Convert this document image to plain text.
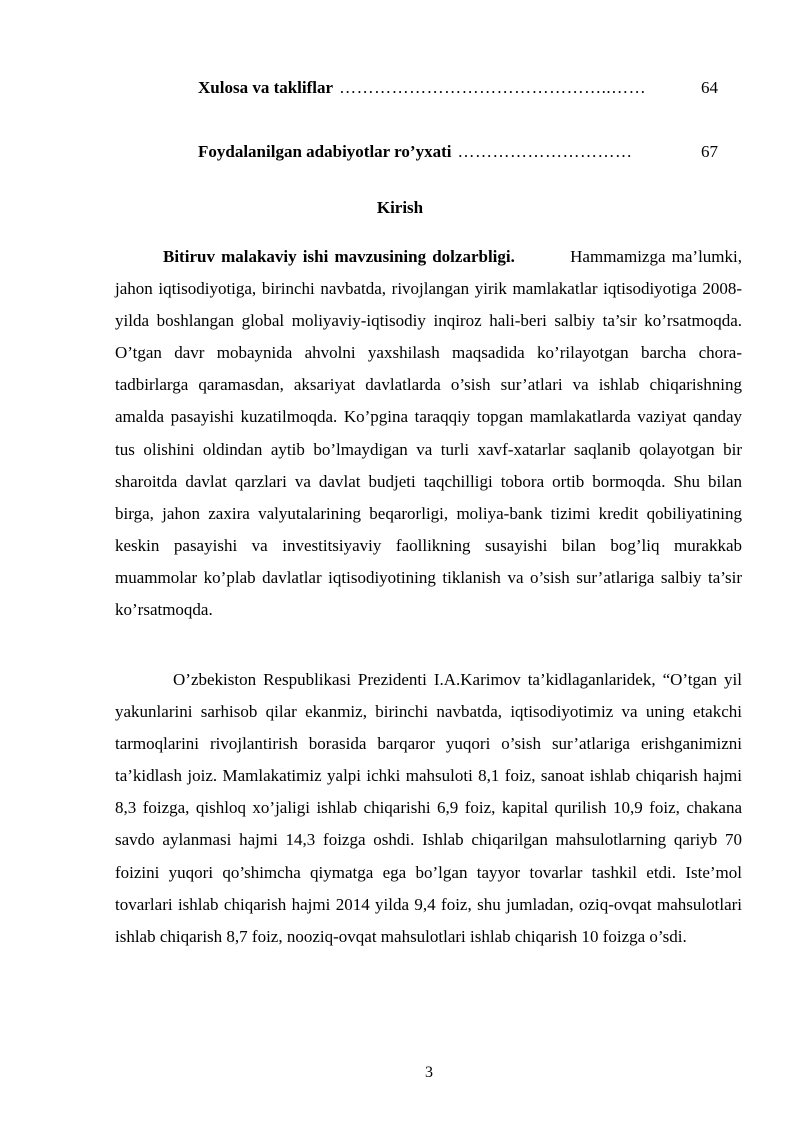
Xulosa va takliflar ………………………………………..……	64
Foydalanilgan adabiyotlar ro’yxati …………………………	67
Kirish

Bitiruv malakaviy ishi mavzusining dolzarbligi.	Hammamizga ma’lumki, jahon iqtisodiyotiga, birinchi navbatda, rivojlangan yirik mamlakatlar iqtisodiyotiga 2008-yilda boshlangan global moliyaviy-iqtisodiy inqiroz hali-beri salbiy ta’sir ko’rsatmoqda. O’tgan davr mobaynida ahvolni yaxshilash maqsadida ko’rilayotgan barcha chora-tadbirlarga qaramasdan, aksariyat davlatlarda o’sish sur’atlari va ishlab chiqarishning amalda pasayishi kuzatilmoqda. Ko’pgina taraqqiy topgan mamlakatlarda vaziyat qanday tus olishini oldindan aytib bo’lmaydigan va turli xavf-xatarlar saqlanib qolayotgan bir sharoitda davlat qarzlari va davlat budjeti taqchilligi tobora ortib bormoqda. Shu bilan birga, jahon zaxira valyutalarining beqarorligi, moliya-bank tizimi kredit qobiliyatining keskin pasayishi va investitsiyaviy faollikning susayishi bilan bog’liq murakkab muammolar ko’plab davlatlar iqtisodiyotining tiklanish va o’sish sur’atlariga salbiy ta’sir ko’rsatmoqda.

O’zbekiston Respublikasi Prezidenti I.A.Karimov ta’kidlaganlaridek, “O’tgan yil yakunlarini sarhisob qilar ekanmiz, birinchi navbatda, iqtisodiyotimiz va uning etakchi tarmoqlarini rivojlantirish borasida barqaror yuqori o’sish sur’atlariga erishganimizni ta’kidlash joiz. Mamlakatimiz yalpi ichki mahsuloti 8,1 foiz, sanoat ishlab chiqarish hajmi 8,3 foizga, qishloq xo’jaligi ishlab chiqarishi 6,9 foiz, kapital qurilish 10,9 foiz, chakana savdo aylanmasi hajmi 14,3 foizga oshdi. Ishlab chiqarilgan mahsulotlarning qariyb 70 foizini yuqori qo’shimcha qiymatga ega bo’lgan tayyor tovarlar tashkil etdi. Iste’mol tovarlari ishlab chiqarish hajmi 2014 yilda 9,4 foiz, shu jumladan, oziq-ovqat mahsulotlari ishlab chiqarish 8,7 foiz, nooziq-ovqat mahsulotlari ishlab chiqarish 10 foizga o’sdi.

3
